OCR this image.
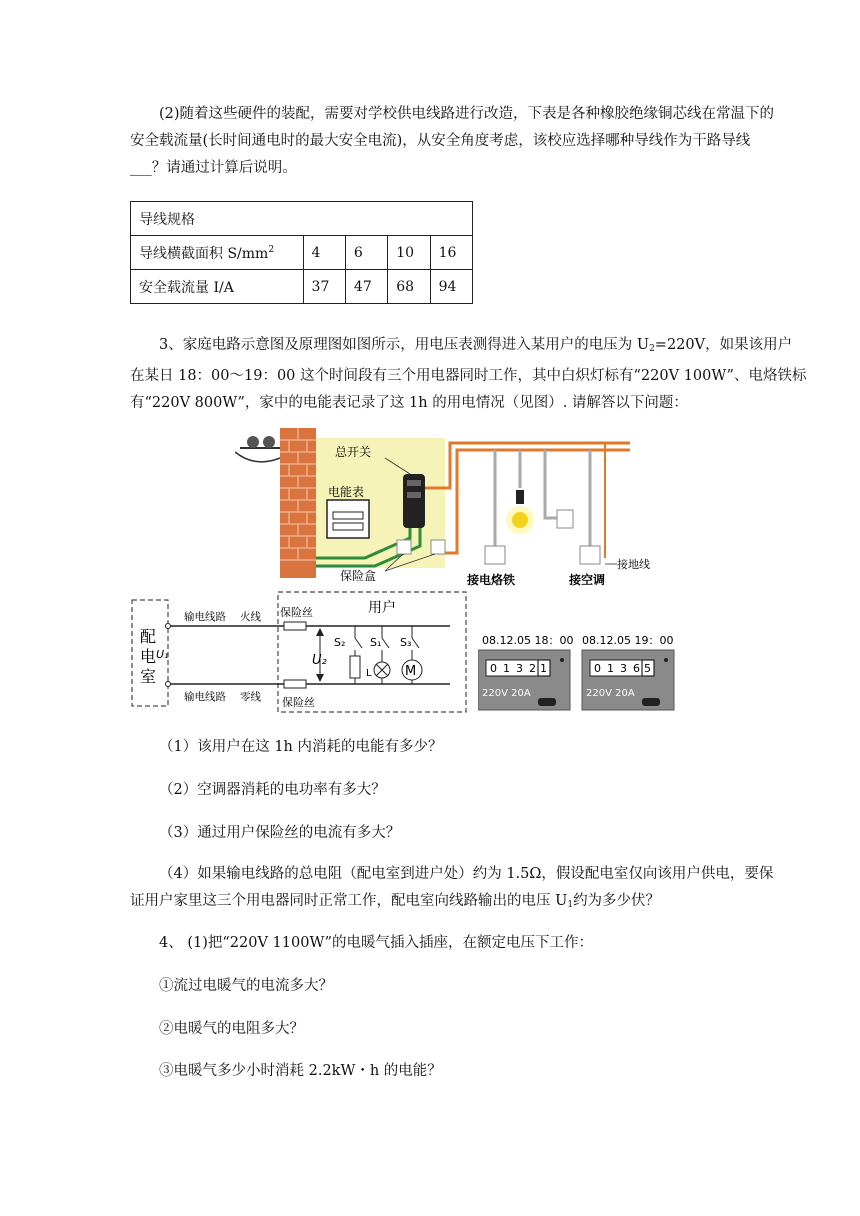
(2)随着这些硬件的装配，需要对学校供电线路进行改造，下表是各种橡胶绝缘铜芯线在常温下的
安全载流量(长时间通电时的最大安全电流)，从安全角度考虑，该校应选择哪种导线作为干路导线
___？请通过计算后说明。
导线规格				
导线横截面积 $S/mm^2$	4	6	10	16
安全载流量 I/A	37	47	68	94
3、家庭电路示意图及原理图如图所示，用电压表测得进入某用户的电压为 $U_2=220V$，如果该用户
在某日 18：00～19：00 这个时间段有三个用电器同时工作，其中白炽灯标有“220V 100W”、电烙铁标
有“220V 800W”，家中的电能表记录了这 1h 的用电情况（见图）. 请解答以下问题：
电能表
总开关
保险盒	接电烙铁	接空调
接地线
配
电
室
U₁
输电线路 火线
输电线路 零线
保险丝
保险丝
用户
U₂
S₂ S₁
L	M
S₃	08.12.05 18：00
0 1 3 2 1
220V 20A
08.12.05 19：00
0 1 3 6 5
220V 20A
（1）该用户在这 1h 内消耗的电能有多少？
（2）空调器消耗的电功率有多大？
（3）通过用户保险丝的电流有多大？
（4）如果输电线路的总电阻（配电室到进户处）约为 1.5Ω，假设配电室仅向该用户供电，要保
证用户家里这三个用电器同时正常工作，配电室向线路输出的电压 $U_1$约为多少伏？
4、 (1)把“220V 1100W”的电暖气插入插座，在额定电压下工作：
①流过电暖气的电流多大？
②电暖气的电阻多大？
③电暖气多少小时消耗 2.2kW・h 的电能？
